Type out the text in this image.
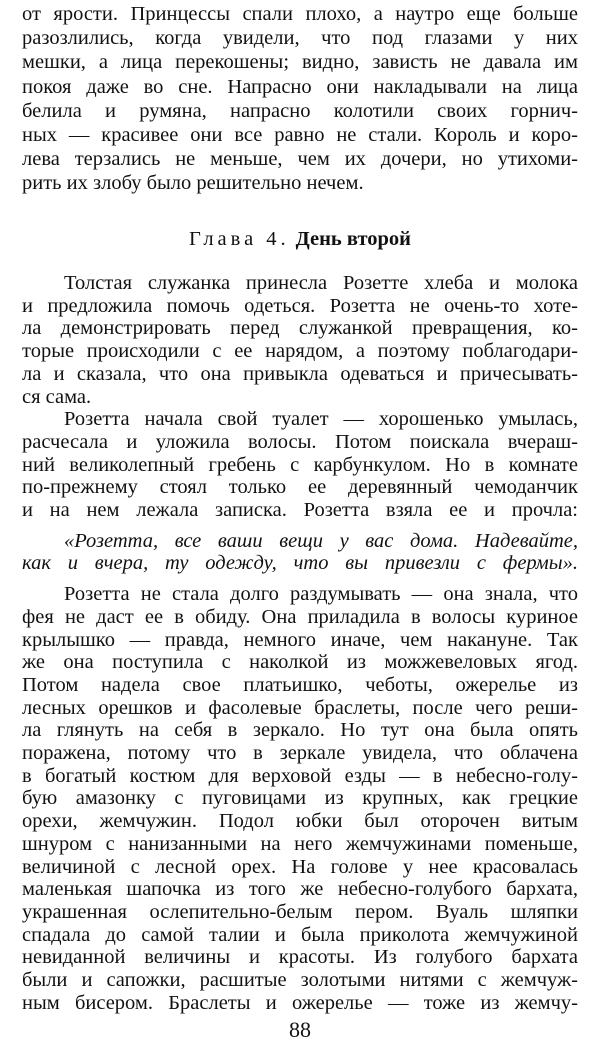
от ярости. Принцессы спали плохо, а наутро еще больше
разозлились, когда увидели, что под глазами у них
мешки, а лица перекошены; видно, зависть не давала им
покоя даже во сне. Напрасно они накладывали на лица
белила и румяна, напрасно колотили своих горнич-
ных — красивее они все равно не стали. Король и коро-
лева терзались не меньше, чем их дочери, но утихоми-
рить их злобу было решительно нечем.
Глава 4. День второй
Толстая служанка принесла Розетте хлеба и молока
и предложила помочь одеться. Розетта не очень-то хоте-
ла демонстрировать перед служанкой превращения, ко-
торые происходили с ее нарядом, а поэтому поблагодари-
ла и сказала, что она привыкла одеваться и причесывать-
ся сама.
Розетта начала свой туалет — хорошенько умылась,
расчесала и уложила волосы. Потом поискала вчераш-
ний великолепный гребень с карбункулом. Но в комнате
по-прежнему стоял только ее деревянный чемоданчик
и на нем лежала записка. Розетта взяла ее и прочла:
«Розетта, все ваши вещи у вас дома. Надевайте,
как и вчера, ту одежду, что вы привезли с фермы».
Розетта не стала долго раздумывать — она знала, что
фея не даст ее в обиду. Она приладила в волосы куриное
крылышко — правда, немного иначе, чем накануне. Так
же она поступила с наколкой из можжевеловых ягод.
Потом надела свое платьишко, чеботы, ожерелье из
лесных орешков и фасолевые браслеты, после чего реши-
ла глянуть на себя в зеркало. Но тут она была опять
поражена, потому что в зеркале увидела, что облачена
в богатый костюм для верховой езды — в небесно-голу-
бую амазонку с пуговицами из крупных, как грецкие
орехи, жемчужин. Подол юбки был оторочен витым
шнуром с нанизанными на него жемчужинами поменьше,
величиной с лесной орех. На голове у нее красовалась
маленькая шапочка из того же небесно-голубого бархата,
украшенная ослепительно-белым пером. Вуаль шляпки
спадала до самой талии и была приколота жемчужиной
невиданной величины и красоты. Из голубого бархата
были и сапожки, расшитые золотыми нитями с жемчуж-
ным бисером. Браслеты и ожерелье — тоже из жемчу-
88
